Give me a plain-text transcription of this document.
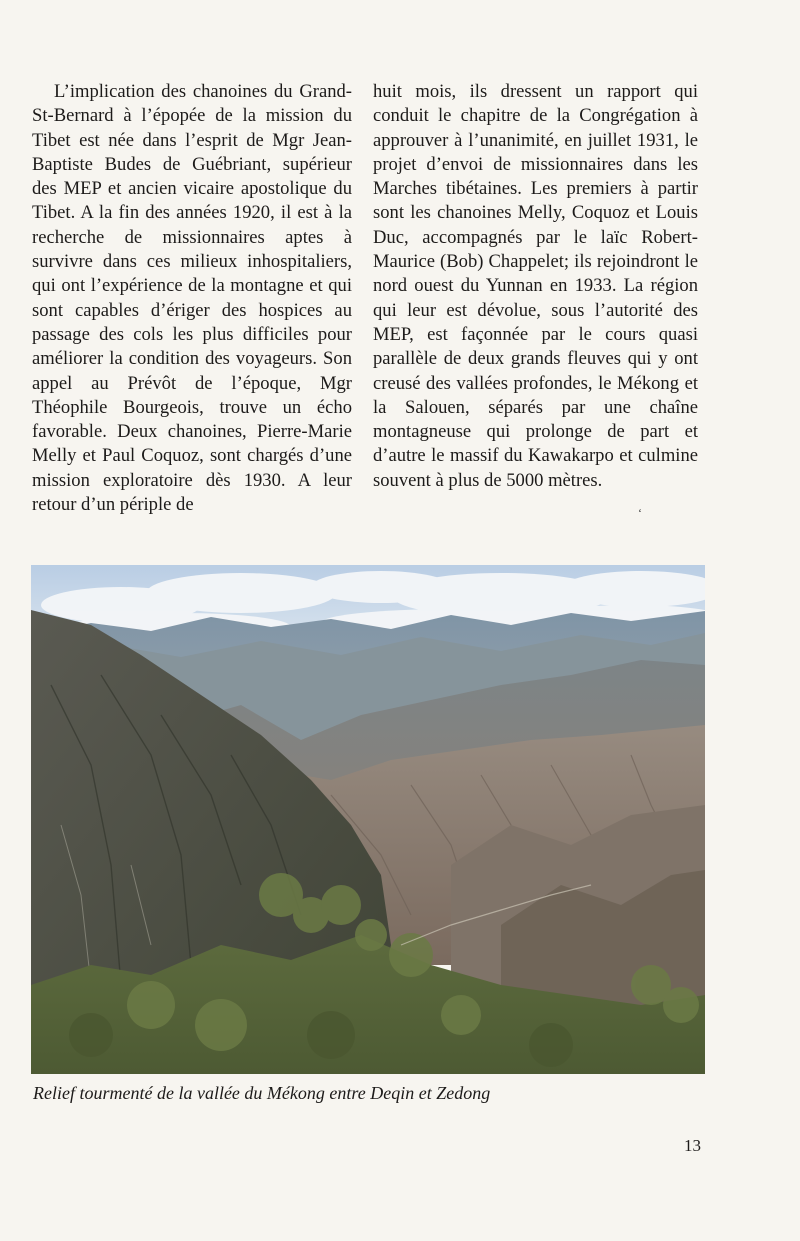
L’implication des chanoines du Grand-St-Bernard à l’épopée de la mission du Tibet est née dans l’esprit de Mgr Jean-Baptiste Budes de Guébriant, supérieur des MEP et ancien vicaire apostolique du Tibet. A la fin des années 1920, il est à la recherche de missionnaires aptes à survivre dans ces milieux inhospitaliers, qui ont l’expérience de la montagne et qui sont capables d’ériger des hospices au passage des cols les plus difficiles pour améliorer la condition des voyageurs. Son appel au Prévôt de l’époque, Mgr Théophile Bourgeois, trouve un écho favorable. Deux chanoines, Pierre-Marie Melly et Paul Coquoz, sont chargés d’une mission exploratoire dès 1930. A leur retour d’un périple de

huit mois, ils dressent un rapport qui conduit le chapitre de la Congrégation à approuver à l’unanimité, en juillet 1931, le projet d’envoi de missionnaires dans les Marches tibétaines. Les premiers à partir sont les chanoines Melly, Coquoz et Louis Duc, accompagnés par le laïc Robert-Maurice (Bob) Chappelet; ils rejoindront le nord ouest du Yunnan en 1933. La région qui leur est dévolue, sous l’autorité des MEP, est façonnée par le cours quasi parallèle de deux grands fleuves qui y ont creusé des vallées profondes, le Mékong et la Salouen, séparés par une chaîne montagneuse qui prolonge de part et d’autre le massif du Kawakarpo et culmine souvent à plus de 5000 mètres.

‘
Relief tourmenté de la vallée du Mékong entre Deqin et Zedong
13
